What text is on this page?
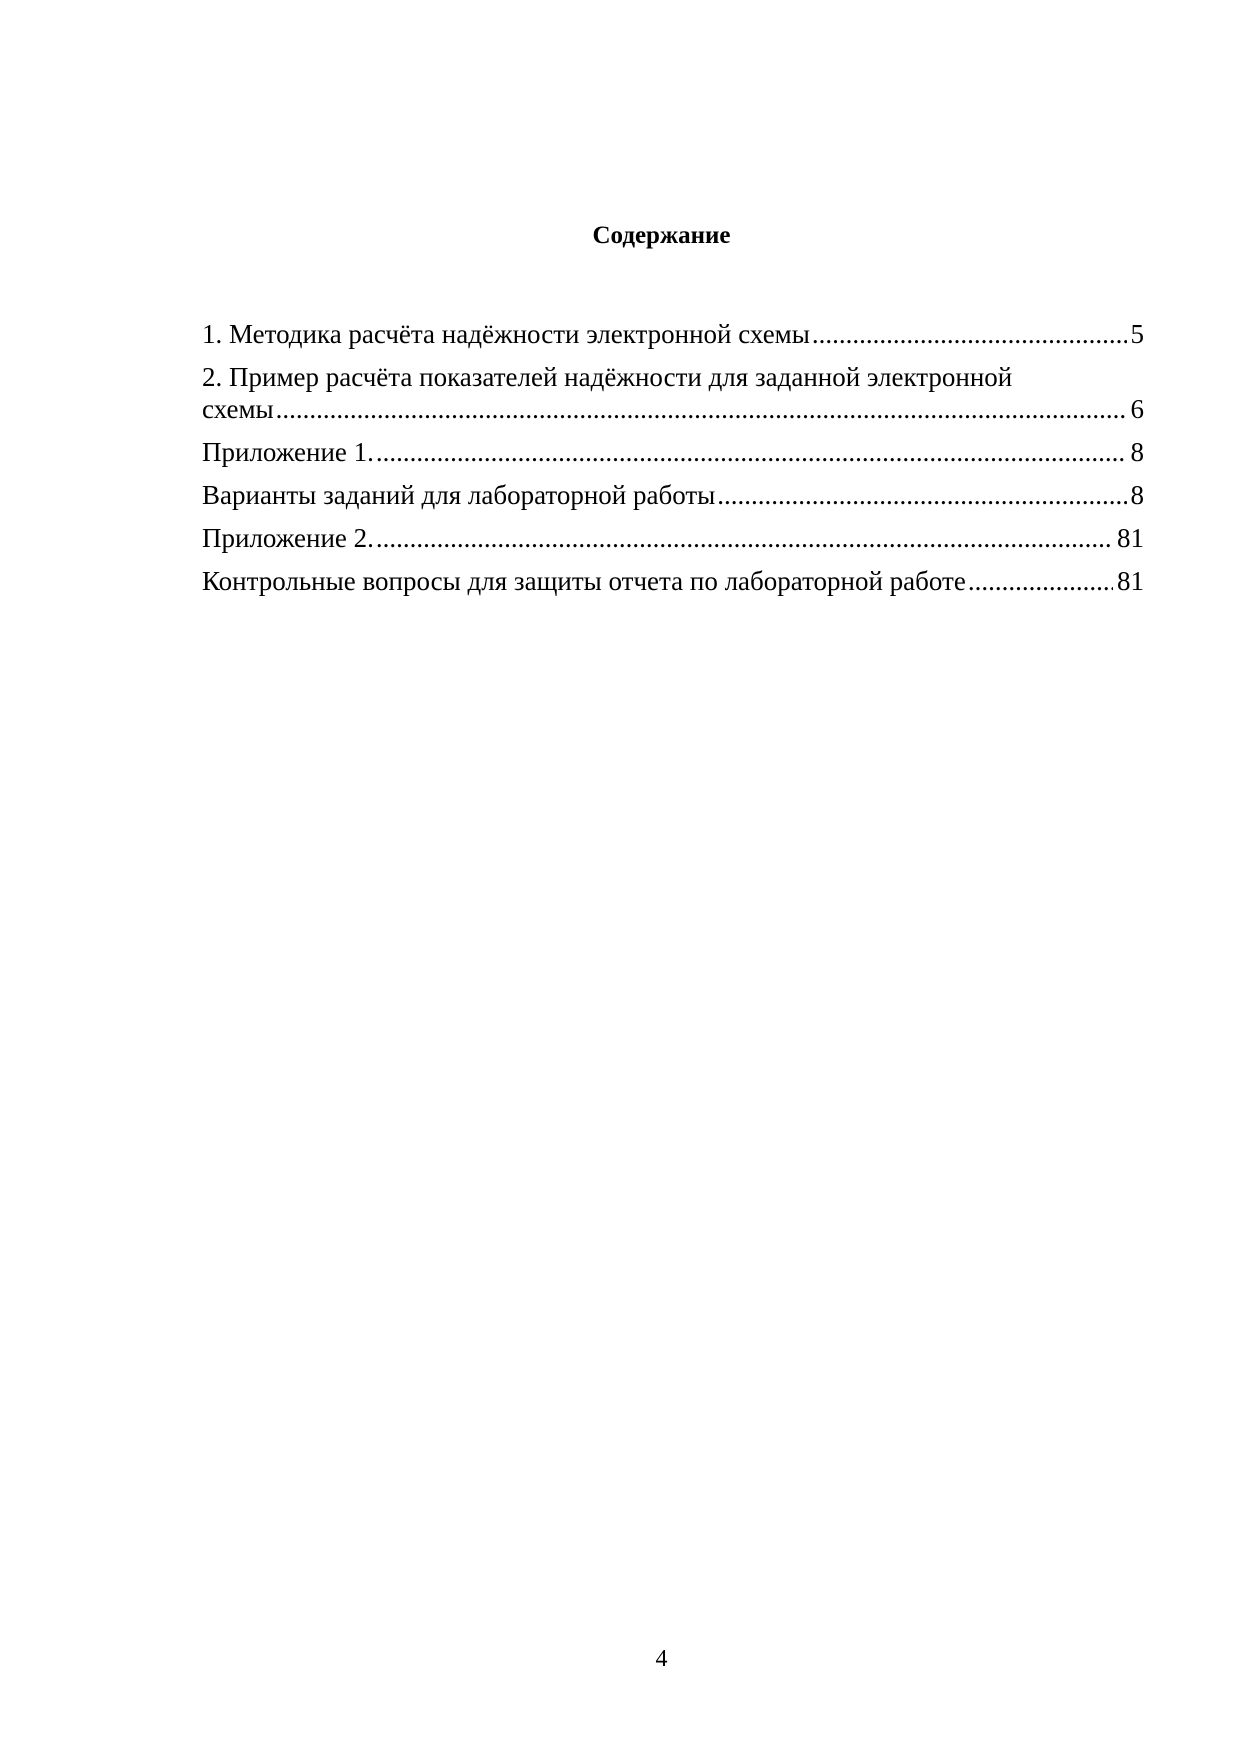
Содержание
1. Методика расчёта надёжности электронной схемы .....	5
2. Пример расчёта показателей надёжности для заданной электронной
схемы .....	6
Приложение 1. .....	8
Варианты заданий для лабораторной работы .....	8
Приложение 2. .....	81
Контрольные вопросы для защиты отчета по лабораторной работе .....	81
4
